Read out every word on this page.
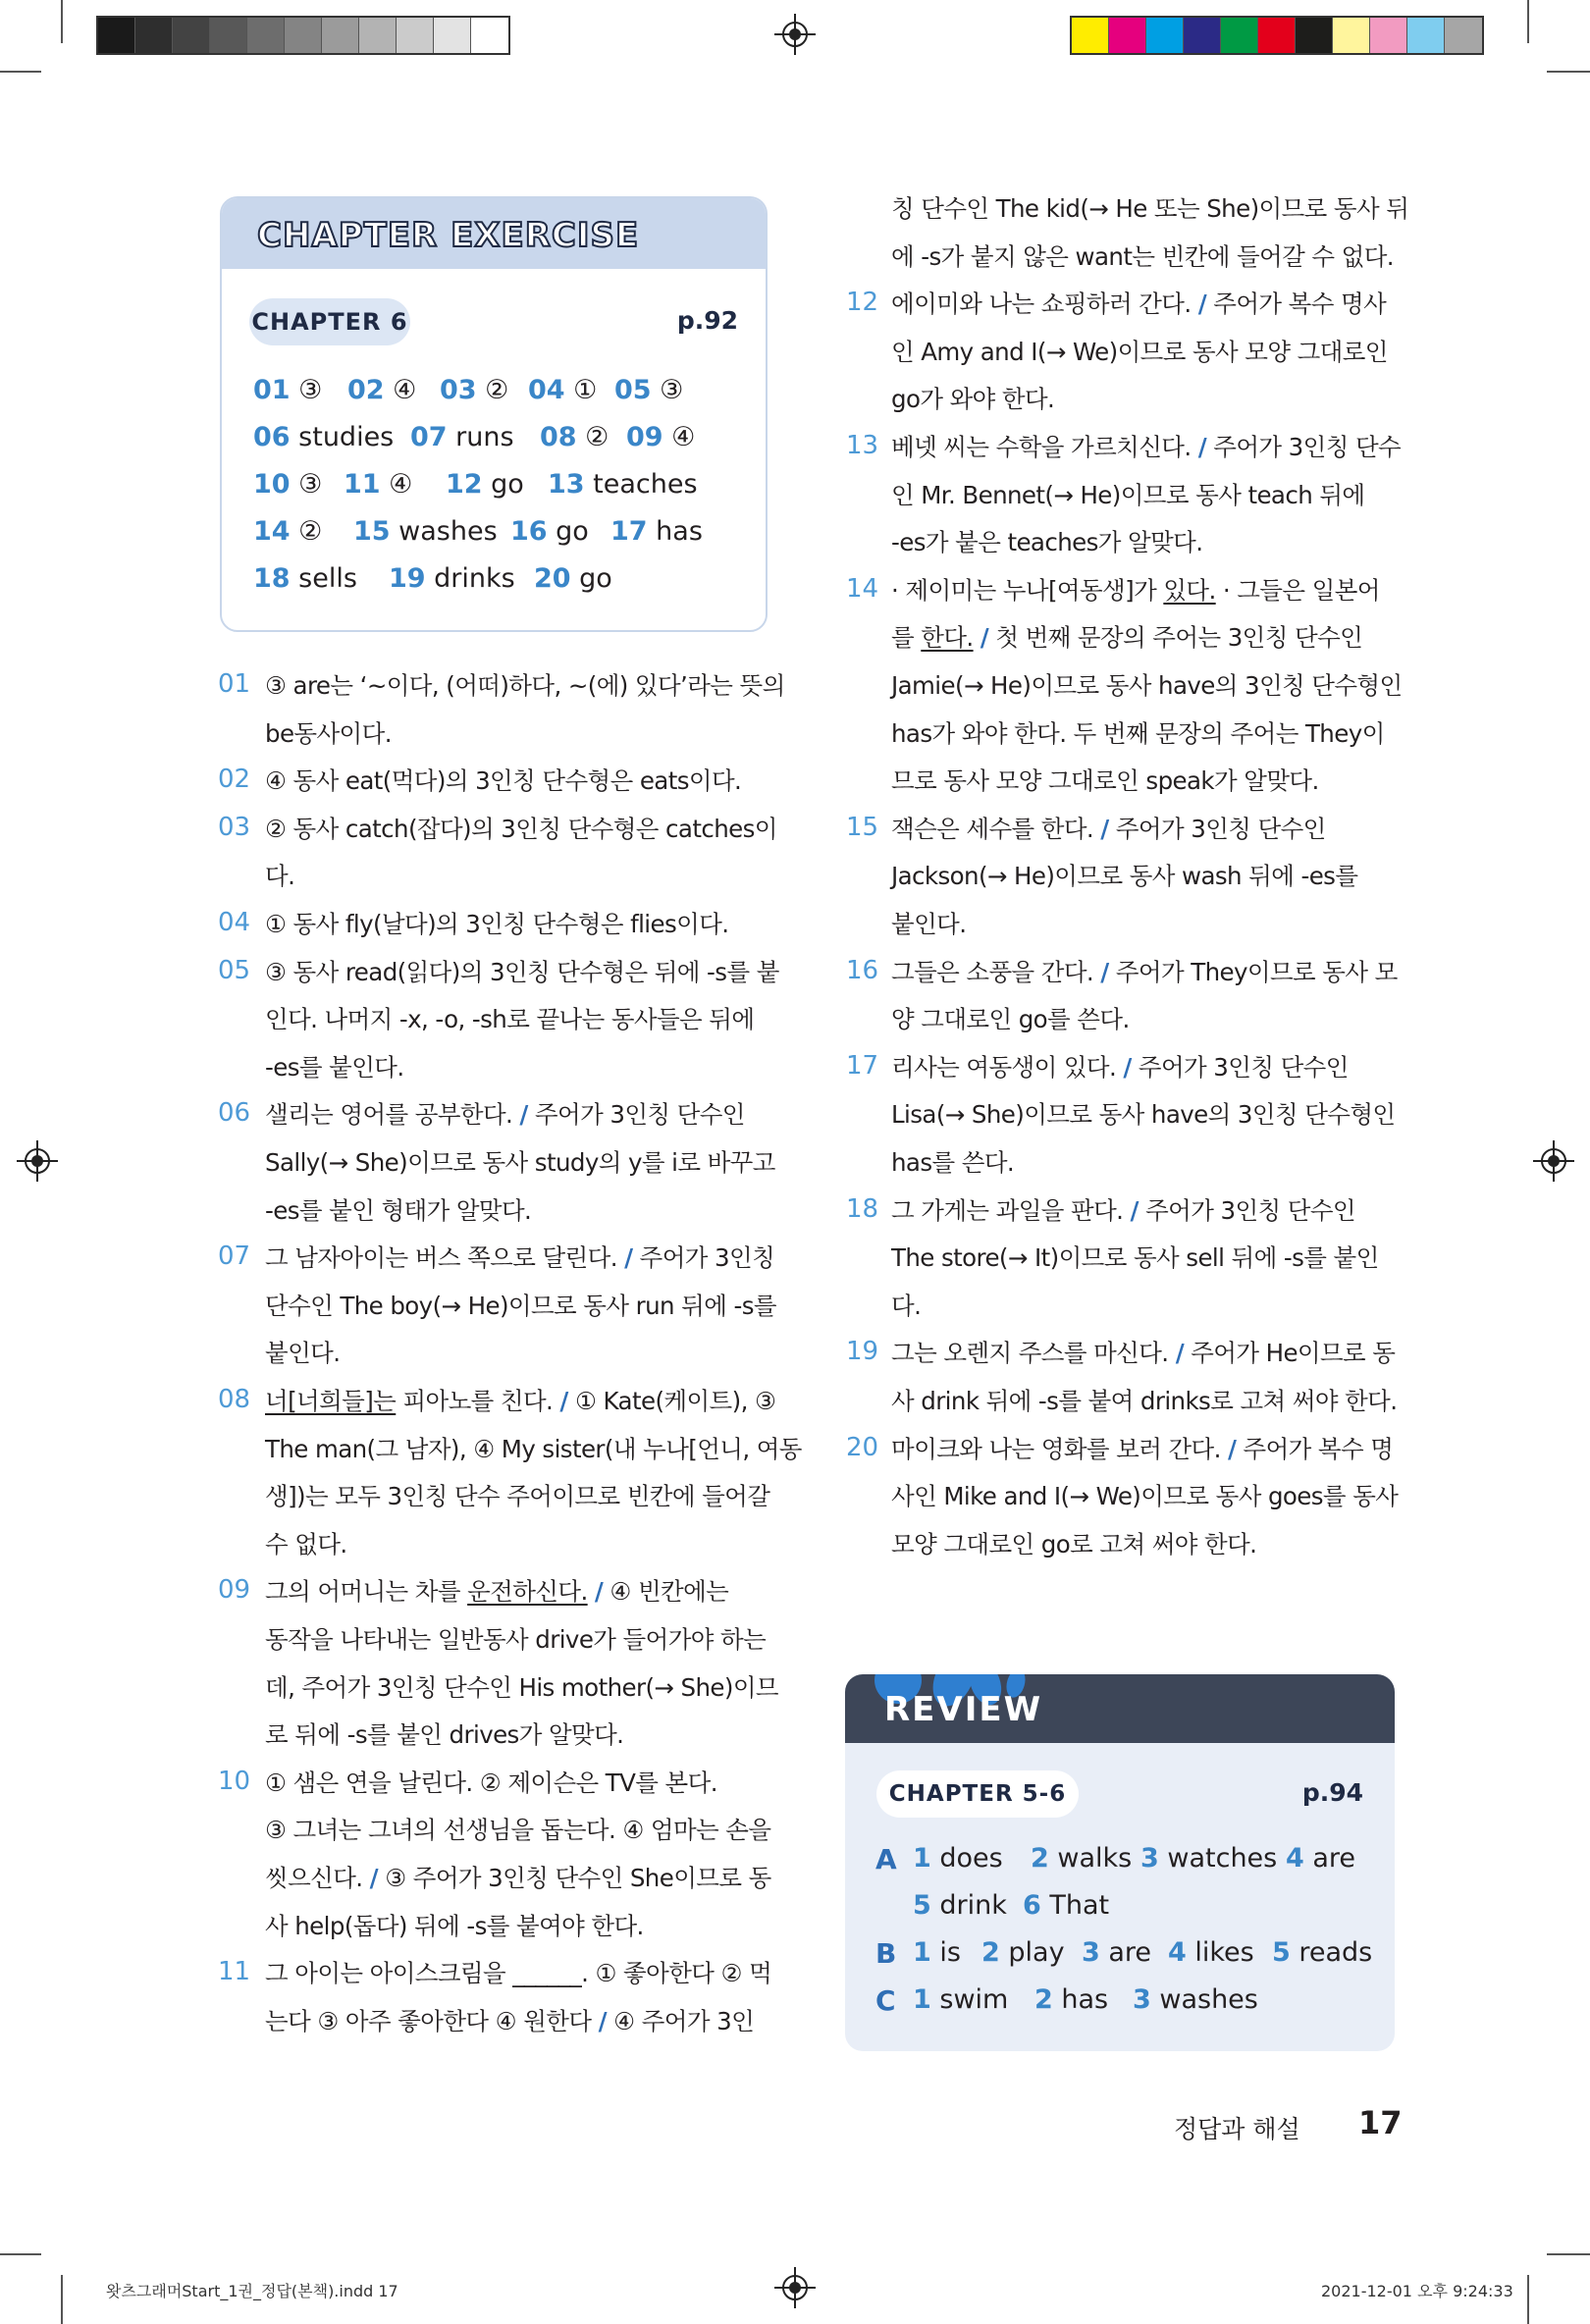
CHAPTER EXERCISE
CHAPTER 6	p.92
01 ③ 02 ④ 03 ② 04 ① 05 ③
06 studies 07 runs 08 ② 09 ④
10 ③ 11 ④ 12 go 13 teaches
14 ② 15 washes 16 go 17 has
18 sells 19 drinks 20 go
01 ③ are는 ‘~이다, (어떠)하다, ~(에) 있다’라는 뜻의
be동사이다.
02 ④ 동사 eat(먹다)의 3인칭 단수형은 eats이다.
03 ② 동사 catch(잡다)의 3인칭 단수형은 catches이
다.
04 ① 동사 fly(날다)의 3인칭 단수형은 flies이다.
05 ③ 동사 read(읽다)의 3인칭 단수형은 뒤에 -s를 붙
인다. 나머지 -x, -o, -sh로 끝나는 동사들은 뒤에
-es를 붙인다.
06 샐리는 영어를 공부한다. / 주어가 3인칭 단수인
Sally(→ She)이므로 동사 study의 y를 i로 바꾸고
-es를 붙인 형태가 알맞다.
07 그 남자아이는 버스 쪽으로 달린다. / 주어가 3인칭
단수인 The boy(→ He)이므로 동사 run 뒤에 -s를
붙인다.
08 너[너희들]는 피아노를 친다. / ① Kate(케이트), ③
The man(그 남자), ④ My sister(내 누나[언니, 여동
생])는 모두 3인칭 단수 주어이므로 빈칸에 들어갈
수 없다.
09 그의 어머니는 차를 운전하신다. / ④ 빈칸에는
동작을 나타내는 일반동사 drive가 들어가야 하는
데, 주어가 3인칭 단수인 His mother(→ She)이므
로 뒤에 -s를 붙인 drives가 알맞다.
10 ① 샘은 연을 날린다. ② 제이슨은 TV를 본다.
③ 그녀는 그녀의 선생님을 돕는다. ④ 엄마는 손을
씻으신다. / ③ 주어가 3인칭 단수인 She이므로 동
사 help(돕다) 뒤에 -s를 붙여야 한다.
11 그 아이는 아이스크림을 ______. ① 좋아한다 ② 먹
는다 ③ 아주 좋아한다 ④ 원한다 / ④ 주어가 3인
칭 단수인 The kid(→ He 또는 She)이므로 동사 뒤
에 -s가 붙지 않은 want는 빈칸에 들어갈 수 없다.
12 에이미와 나는 쇼핑하러 간다. / 주어가 복수 명사
인 Amy and I(→ We)이므로 동사 모양 그대로인
go가 와야 한다.
13 베넷 씨는 수학을 가르치신다. / 주어가 3인칭 단수
인 Mr. Bennet(→ He)이므로 동사 teach 뒤에
-es가 붙은 teaches가 알맞다.
14 · 제이미는 누나[여동생]가 있다. · 그들은 일본어
를 한다. / 첫 번째 문장의 주어는 3인칭 단수인
Jamie(→ He)이므로 동사 have의 3인칭 단수형인
has가 와야 한다. 두 번째 문장의 주어는 They이
므로 동사 모양 그대로인 speak가 알맞다.
15 잭슨은 세수를 한다. / 주어가 3인칭 단수인
Jackson(→ He)이므로 동사 wash 뒤에 -es를
붙인다.
16 그들은 소풍을 간다. / 주어가 They이므로 동사 모
양 그대로인 go를 쓴다.
17 리사는 여동생이 있다. / 주어가 3인칭 단수인
Lisa(→ She)이므로 동사 have의 3인칭 단수형인
has를 쓴다.
18 그 가게는 과일을 판다. / 주어가 3인칭 단수인
The store(→ It)이므로 동사 sell 뒤에 -s를 붙인
다.
19 그는 오렌지 주스를 마신다. / 주어가 He이므로 동
사 drink 뒤에 -s를 붙여 drinks로 고쳐 써야 한다.
20 마이크와 나는 영화를 보러 간다. / 주어가 복수 명
사인 Mike and I(→ We)이므로 동사 goes를 동사
모양 그대로인 go로 고쳐 써야 한다.
REVIEW
CHAPTER 5-6	p.94
A 1 does 2 walks 3 watches 4 are
5 drink 6 That
B 1 is 2 play 3 are 4 likes 5 reads
C 1 swim 2 has 3 washes
정답과 해설 17
왓츠그래머Start_1권_정답(본책).indd 17	2021-12-01 오후 9:24:33
